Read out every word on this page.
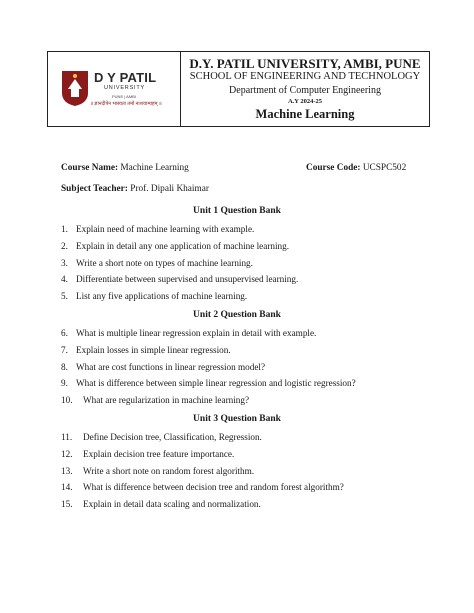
D Y PATIL
UNIVERSITY
PUNE | AMBI
॥ ज्ञानदीपेन भास्वता तमो नाशयाम्यहम् ॥
D.Y. PATIL UNIVERSITY, AMBI, PUNE
SCHOOL OF ENGINEERING AND TECHNOLOGY
Department of Computer Engineering
A.Y 2024-25
Machine Learning
Course Name: Machine Learning	Course Code: UCSPC502
Subject Teacher: Prof. Dipali Khaimar
Unit 1 Question Bank
1. Explain need of machine learning with example.
2. Explain in detail any one application of machine learning.
3. Write a short note on types of machine learning.
4. Differentiate between supervised and unsupervised learning.
5. List any five applications of machine learning.
Unit 2 Question Bank
6. What is multiple linear regression explain in detail with example.
7. Explain losses in simple linear regression.
8. What are cost functions in linear regression model?
9. What is difference between simple linear regression and logistic regression?
10. What are regularization in machine learning?
Unit 3 Question Bank
11. Define Decision tree, Classification, Regression.
12. Explain decision tree feature importance.
13. Write a short note on random forest algorithm.
14. What is difference between decision tree and random forest algorithm?
15. Explain in detail data scaling and normalization.
